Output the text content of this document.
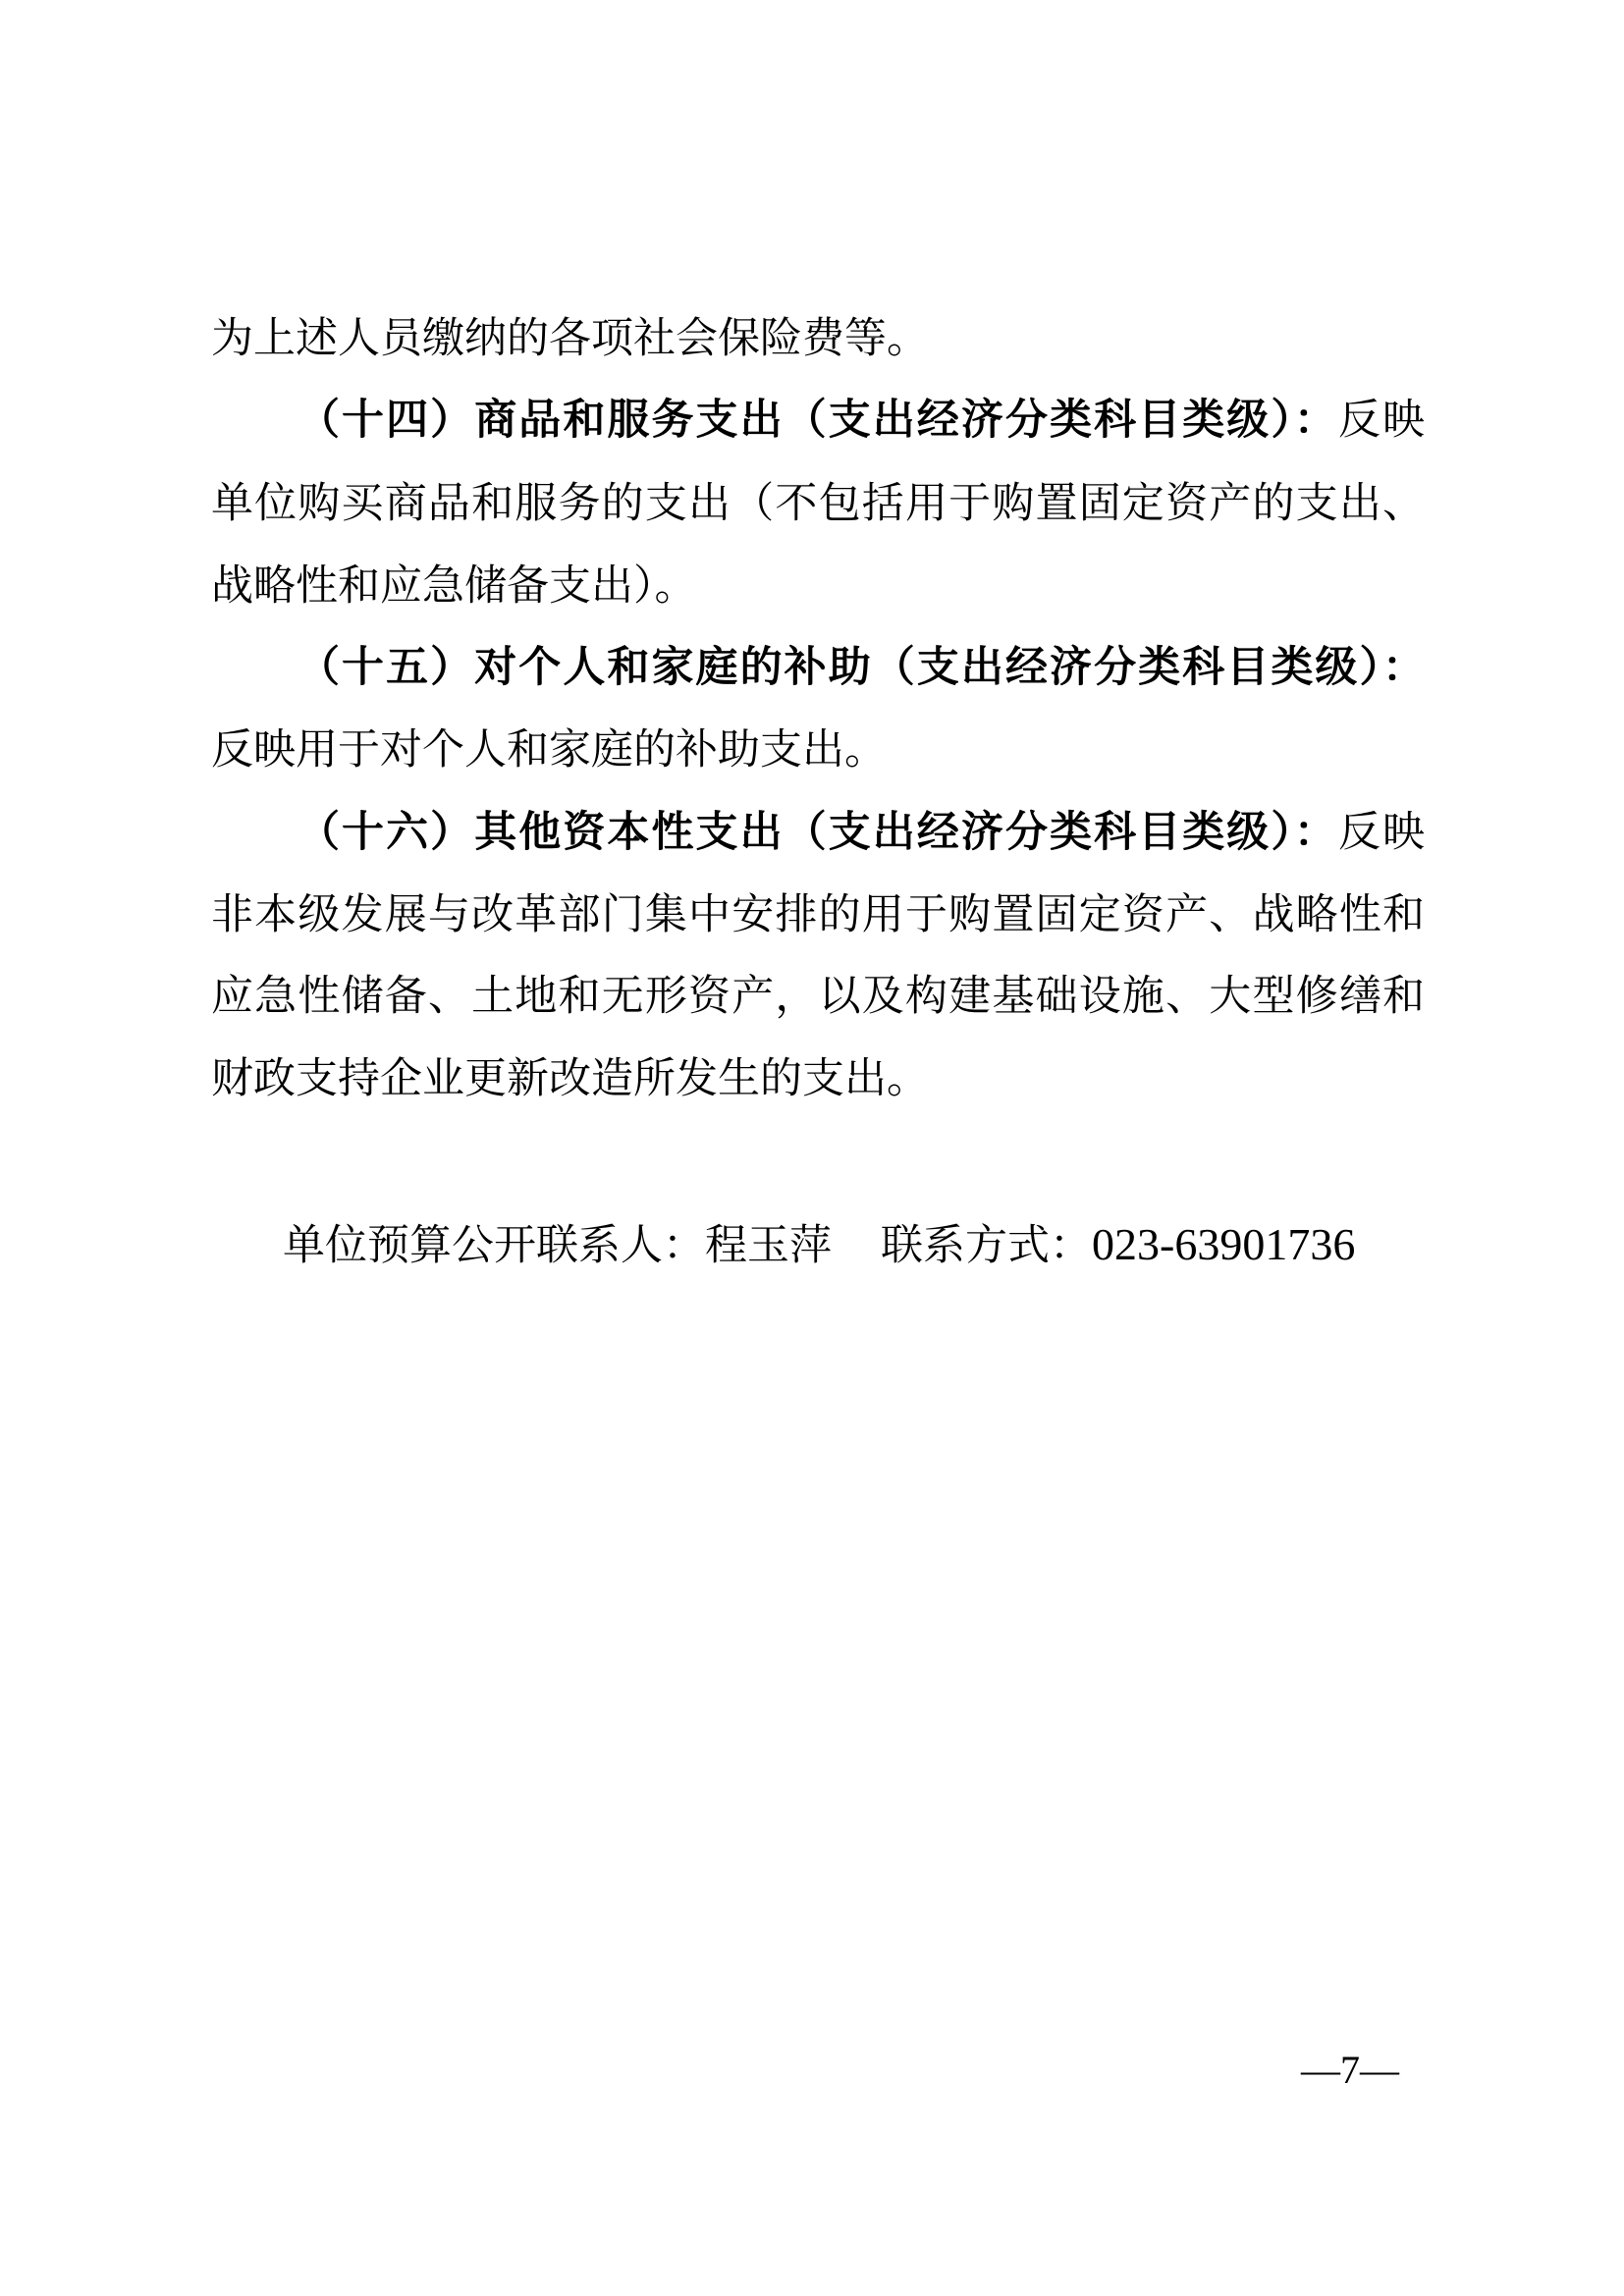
为上述人员缴纳的各项社会保险费等。
（十四）商品和服务支出（支出经济分类科目类级）：反映
单位购买商品和服务的支出（不包括用于购置固定资产的支出、
战略性和应急储备支出）。
（十五）对个人和家庭的补助（支出经济分类科目类级）：
反映用于对个人和家庭的补助支出。
（十六）其他资本性支出（支出经济分类科目类级）：反映
非本级发展与改革部门集中安排的用于购置固定资产、战略性和
应急性储备、土地和无形资产，以及构建基础设施、大型修缮和
财政支持企业更新改造所发生的支出。
单位预算公开联系人：程玉萍 联系方式：023-63901736
—7—
